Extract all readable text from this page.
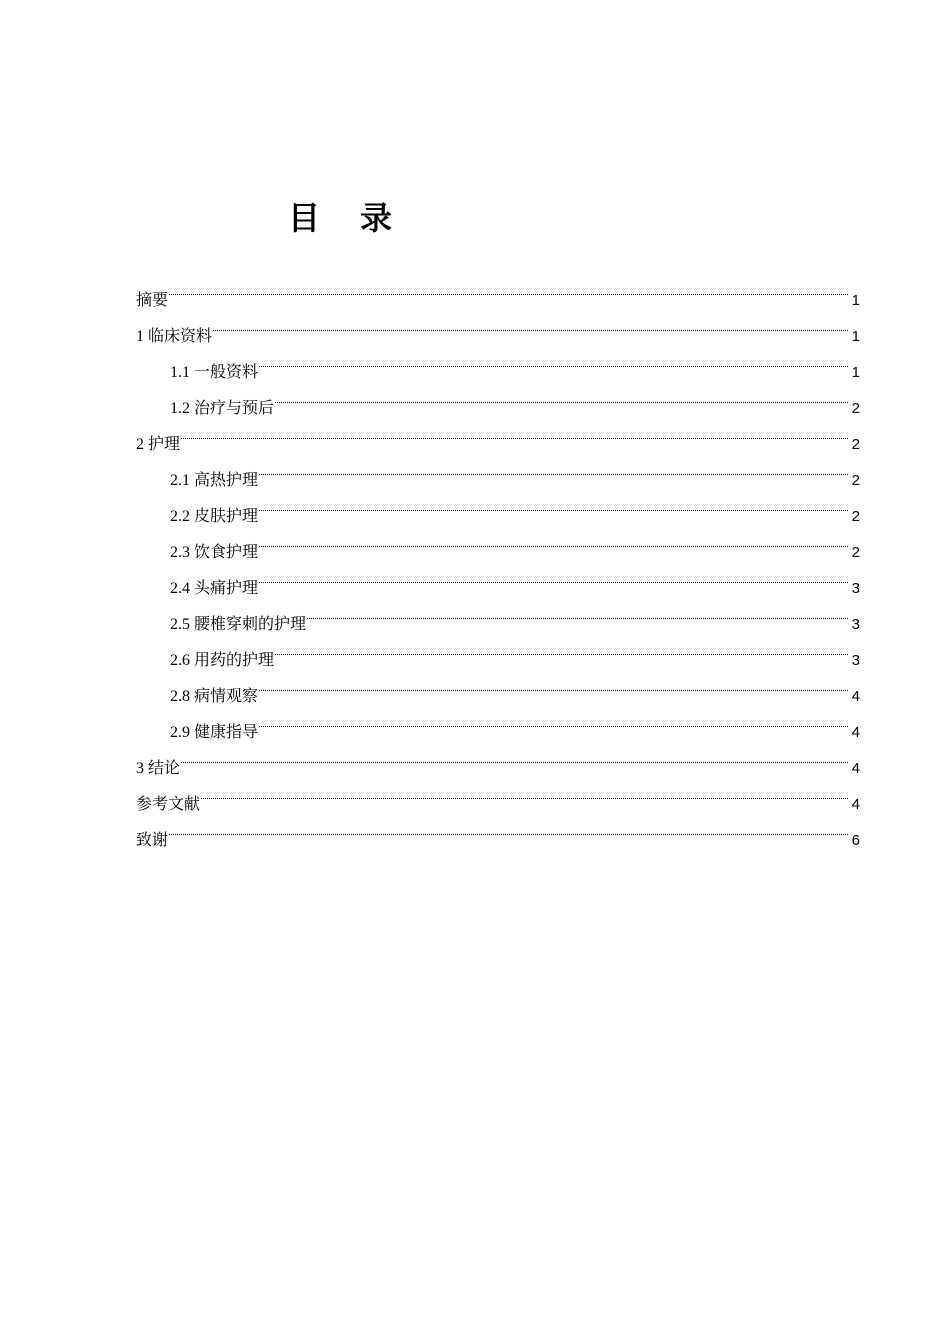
目 录
摘要	1
1 临床资料	1
1.1 一般资料	1
1.2 治疗与预后	2
2 护理	2
2.1 高热护理	2
2.2 皮肤护理	2
2.3 饮食护理	2
2.4 头痛护理	3
2.5 腰椎穿刺的护理	3
2.6 用药的护理	3
2.8 病情观察	4
2.9 健康指导	4
3 结论	4
参考文献	4
致谢	6
